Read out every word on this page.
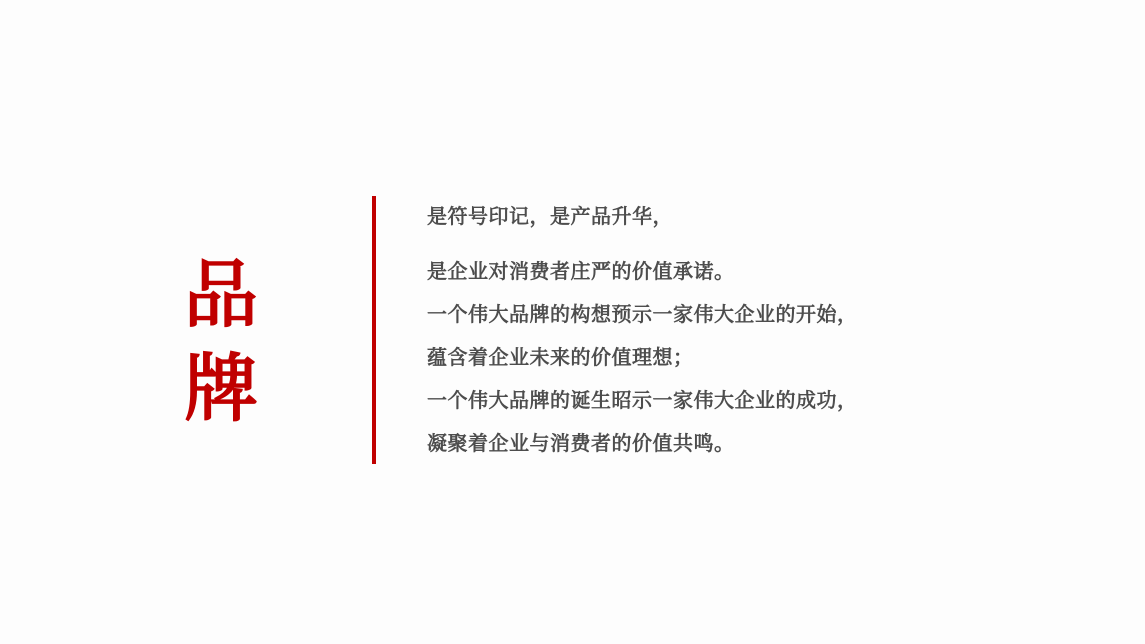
品
牌
是符号印记，是产品升华，
是企业对消费者庄严的价值承诺。
一个伟大品牌的构想预示一家伟大企业的开始，
蕴含着企业未来的价值理想；
一个伟大品牌的诞生昭示一家伟大企业的成功，
凝聚着企业与消费者的价值共鸣。
